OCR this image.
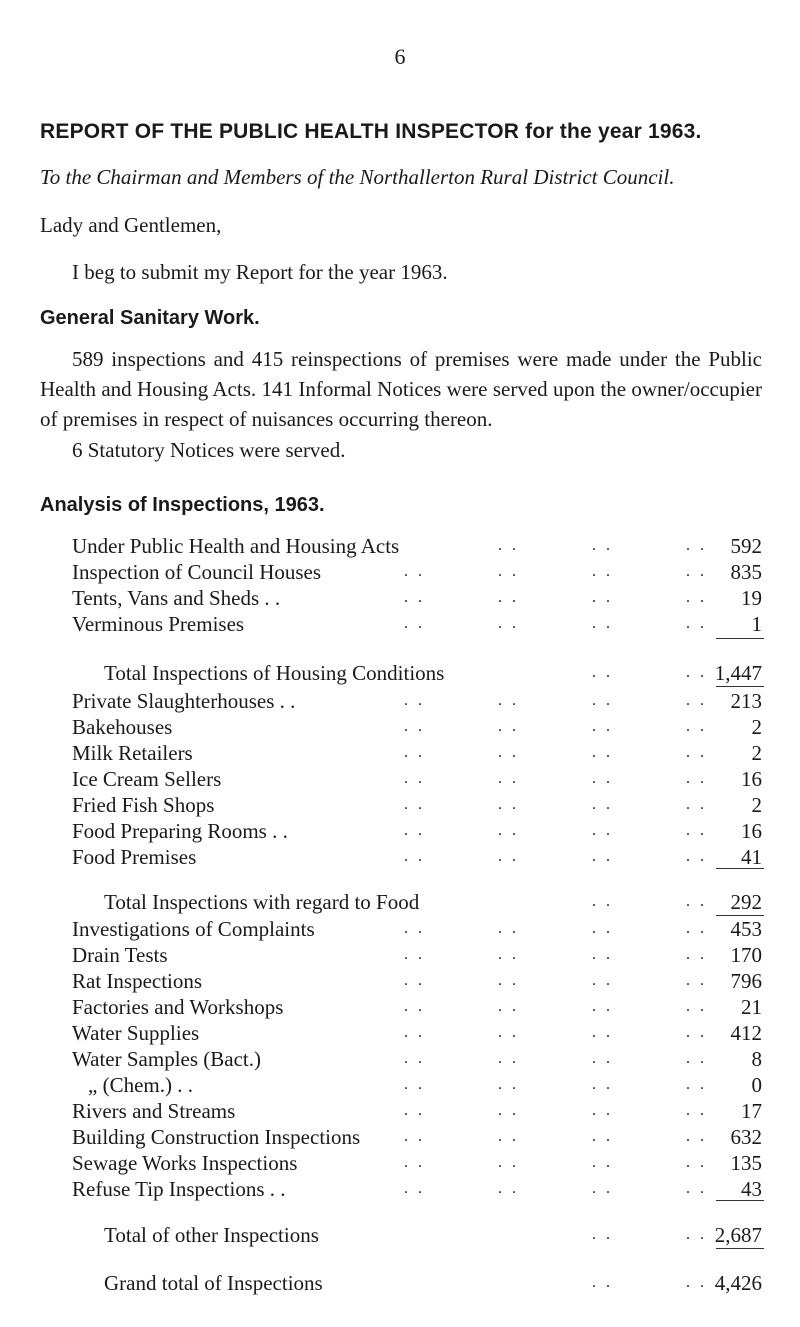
6
REPORT OF THE PUBLIC HEALTH INSPECTOR for the year 1963.
To the Chairman and Members of the Northallerton Rural District Council.
Lady and Gentlemen,
I beg to submit my Report for the year 1963.
General Sanitary Work.
589 inspections and 415 reinspections of premises were made under the Public Health and Housing Acts. 141 Informal Notices were served upon the owner/occupier of premises in respect of nuisances occurring thereon.
6 Statutory Notices were served.
Analysis of Inspections, 1963.
Under Public Health and Housing Acts	. .	. .	. . 592
Inspection of Council Houses	. .	. .	. .	. . 835
Tents, Vans and Sheds . .	. .	. .	. .	. . 19
Verminous Premises	. .	. .	. .	. . 1
Total Inspections of Housing Conditions	. .	. . 1,447
Private Slaughterhouses . .	. .	. .	. .	. . 213
Bakehouses	. .	. .	. .	. . 2
Milk Retailers	. .	. .	. .	. . 2
Ice Cream Sellers	. .	. .	. .	. . 16
Fried Fish Shops	. .	. .	. .	. . 2
Food Preparing Rooms . .	. .	. .	. .	. . 16
Food Premises	. .	. .	. .	. . 41
Total Inspections with regard to Food	. .	. . 292
Investigations of Complaints	. .	. .	. .	. . 453
Drain Tests	. .	. .	. .	. . 170
Rat Inspections	. .	. .	. .	. . 796
Factories and Workshops	. .	. .	. .	. . 21
Water Supplies	. .	. .	. .	. . 412
Water Samples (Bact.)	. .	. .	. .	. . 8
„ (Chem.) . .	. .	. .	. .	. . 0
Rivers and Streams	. .	. .	. .	. . 17
Building Construction Inspections	. .	. .	. .	. . 632
Sewage Works Inspections	. .	. .	. .	. . 135
Refuse Tip Inspections . .	. .	. .	. .	. . 43
Total of other Inspections	. .	. . 2,687
Grand total of Inspections	. .	. . 4,426
